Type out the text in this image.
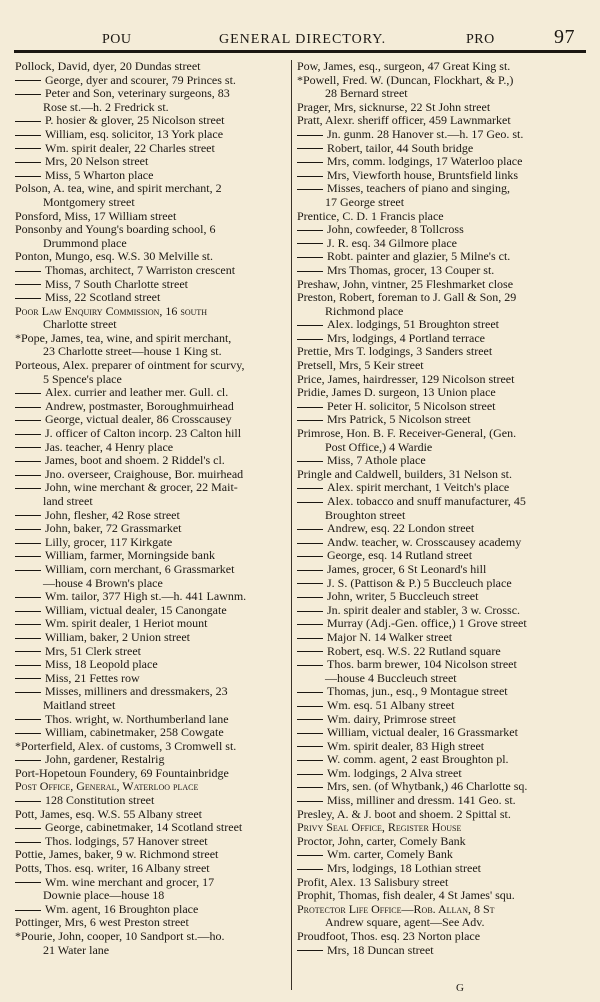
POU	GENERAL DIRECTORY.	PRO	97
Pollock, David, dyer, 20 Dundas street
George, dyer and scourer, 79 Princes st.
Peter and Son, veterinary surgeons, 83
Rose st.—h. 2 Fredrick st.
P. hosier & glover, 25 Nicolson street
William, esq. solicitor, 13 York place
Wm. spirit dealer, 22 Charles street
Mrs, 20 Nelson street
Miss, 5 Wharton place
Polson, A. tea, wine, and spirit merchant, 2
Montgomery street
Ponsford, Miss, 17 William street
Ponsonby and Young's boarding school, 6
Drummond place
Ponton, Mungo, esq. W.S. 30 Melville st.
Thomas, architect, 7 Warriston crescent
Miss, 7 South Charlotte street
Miss, 22 Scotland street
Poor Law Enquiry Commission, 16 south
Charlotte street
*Pope, James, tea, wine, and spirit merchant,
23 Charlotte street—house 1 King st.
Porteous, Alex. preparer of ointment for scurvy,
5 Spence's place
Alex. currier and leather mer. Gull. cl.
Andrew, postmaster, Boroughmuirhead
George, victual dealer, 86 Crosscausey
J. officer of Calton incorp. 23 Calton hill
Jas. teacher, 4 Henry place
James, boot and shoem. 2 Riddel's cl.
Jno. overseer, Craighouse, Bor. muirhead
John, wine merchant & grocer, 22 Mait-
land street
John, flesher, 42 Rose street
John, baker, 72 Grassmarket
Lilly, grocer, 117 Kirkgate
William, farmer, Morningside bank
William, corn merchant, 6 Grassmarket
—house 4 Brown's place
Wm. tailor, 377 High st.—h. 441 Lawnm.
William, victual dealer, 15 Canongate
Wm. spirit dealer, 1 Heriot mount
William, baker, 2 Union street
Mrs, 51 Clerk street
Miss, 18 Leopold place
Miss, 21 Fettes row
Misses, milliners and dressmakers, 23
Maitland street
Thos. wright, w. Northumberland lane
William, cabinetmaker, 258 Cowgate
*Porterfield, Alex. of customs, 3 Cromwell st.
John, gardener, Restalrig
Port-Hopetoun Foundery, 69 Fountainbridge
Post Office, General, Waterloo place
128 Constitution street
Pott, James, esq. W.S. 55 Albany street
George, cabinetmaker, 14 Scotland street
Thos. lodgings, 57 Hanover street
Pottie, James, baker, 9 w. Richmond street
Potts, Thos. esq. writer, 16 Albany street
Wm. wine merchant and grocer, 17
Downie place—house 18
Wm. agent, 16 Broughton place
Pottinger, Mrs, 6 west Preston street
*Pourie, John, cooper, 10 Sandport st.—ho.
21 Water lane
Pow, James, esq., surgeon, 47 Great King st.
*Powell, Fred. W. (Duncan, Flockhart, & P.,)
28 Bernard street
Prager, Mrs, sicknurse, 22 St John street
Pratt, Alexr. sheriff officer, 459 Lawnmarket
Jn. gunm. 28 Hanover st.—h. 17 Geo. st.
Robert, tailor, 44 South bridge
Mrs, comm. lodgings, 17 Waterloo place
Mrs, Viewforth house, Bruntsfield links
Misses, teachers of piano and singing,
17 George street
Prentice, C. D. 1 Francis place
John, cowfeeder, 8 Tollcross
J. R. esq. 34 Gilmore place
Robt. painter and glazier, 5 Milne's ct.
Mrs Thomas, grocer, 13 Couper st.
Preshaw, John, vintner, 25 Fleshmarket close
Preston, Robert, foreman to J. Gall & Son, 29
Richmond place
Alex. lodgings, 51 Broughton street
Mrs, lodgings, 4 Portland terrace
Prettie, Mrs T. lodgings, 3 Sanders street
Pretsell, Mrs, 5 Keir street
Price, James, hairdresser, 129 Nicolson street
Pridie, James D. surgeon, 13 Union place
Peter H. solicitor, 5 Nicolson street
Mrs Patrick, 5 Nicolson street
Primrose, Hon. B. F. Receiver-General, (Gen.
Post Office,) 4 Wardie
Miss, 7 Athole place
Pringle and Caldwell, builders, 31 Nelson st.
Alex. spirit merchant, 1 Veitch's place
Alex. tobacco and snuff manufacturer, 45
Broughton street
Andrew, esq. 22 London street
Andw. teacher, w. Crosscausey academy
George, esq. 14 Rutland street
James, grocer, 6 St Leonard's hill
J. S. (Pattison & P.) 5 Buccleuch place
John, writer, 5 Buccleuch street
Jn. spirit dealer and stabler, 3 w. Crossc.
Murray (Adj.-Gen. office,) 1 Grove street
Major N. 14 Walker street
Robert, esq. W.S. 22 Rutland square
Thos. barm brewer, 104 Nicolson street
—house 4 Buccleuch street
Thomas, jun., esq., 9 Montague street
Wm. esq. 51 Albany street
Wm. dairy, Primrose street
William, victual dealer, 16 Grassmarket
Wm. spirit dealer, 83 High street
W. comm. agent, 2 east Broughton pl.
Wm. lodgings, 2 Alva street
Mrs, sen. (of Whytbank,) 46 Charlotte sq.
Miss, milliner and dressm. 141 Geo. st.
Presley, A. & J. boot and shoem. 2 Spittal st.
Privy Seal Office, Register House
Proctor, John, carter, Comely Bank
Wm. carter, Comely Bank
Mrs, lodgings, 18 Lothian street
Profit, Alex. 13 Salisbury street
Prophit, Thomas, fish dealer, 4 St James' squ.
Protector Life Office—Rob. Allan, 8 St
Andrew square, agent—See Adv.
Proudfoot, Thos. esq. 23 Norton place
Mrs, 18 Duncan street
G
